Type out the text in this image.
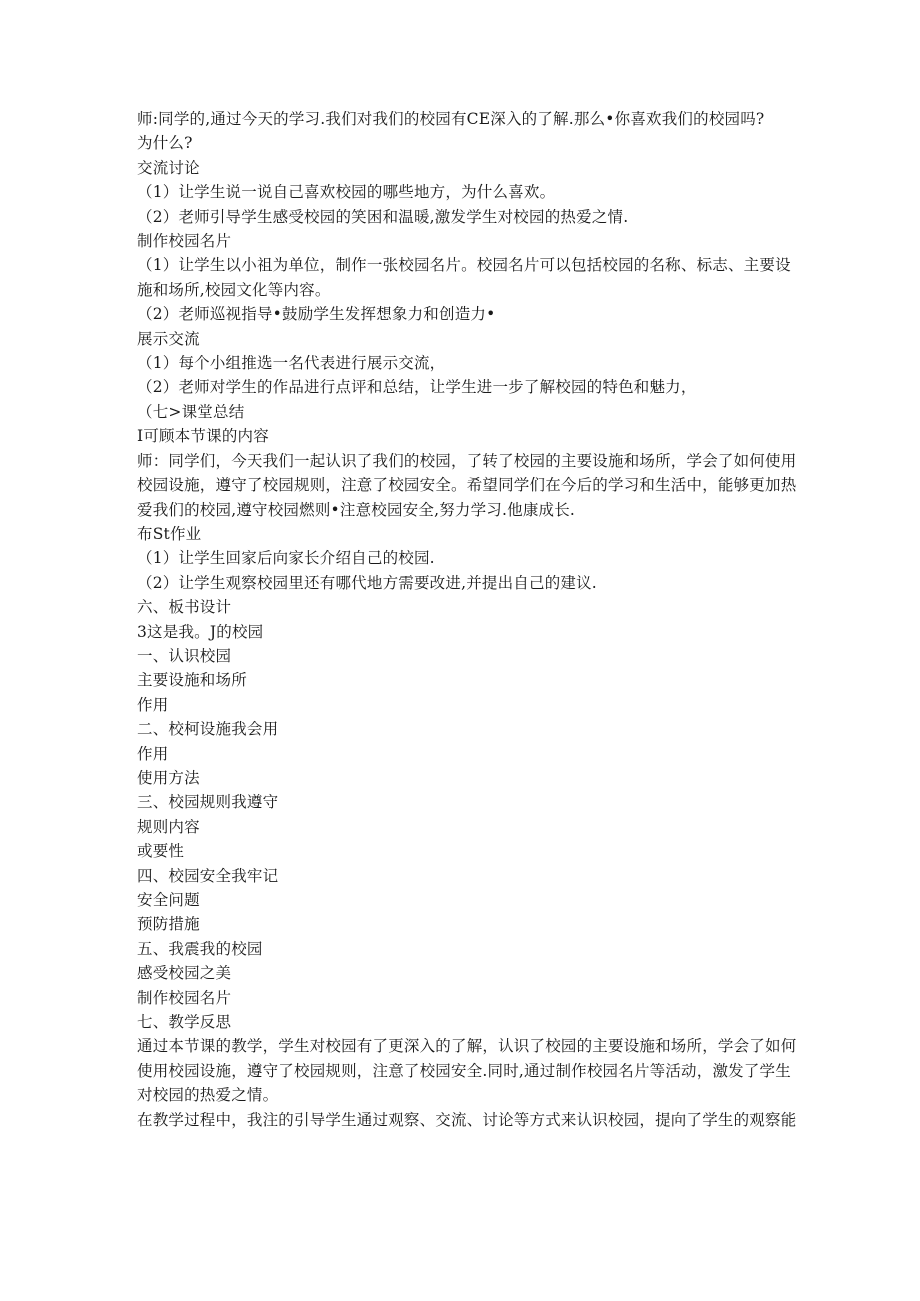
师:同学的,通过今天的学习.我们对我们的校园有CE深入的了解.那么•你喜欢我们的校园吗?
为什么?
交流讨论
（1）让学生说一说自己喜欢校园的哪些地方，为什么喜欢。
（2）老师引导学生感受校园的笑困和温暖,激发学生对校园的热爱之情.
制作校园名片
（1）让学生以小祖为单位，制作一张校园名片。校园名片可以包括校园的名称、标志、主要设
施和场所,校园文化等内容。
（2）老师巡视指导•鼓励学生发挥想象力和创造力•
展示交流
（1）每个小组推选一名代表进行展示交流，
（2）老师对学生的作品进行点评和总结，让学生进一步了解校园的特色和魅力，
（七>课堂总结
I可顾本节课的内容
师：同学们，今天我们一起认识了我们的校园，了转了校园的主要设施和场所，学会了如何使用
校园设施，遵守了校园规则，注意了校园安全。希望同学们在今后的学习和生活中，能够更加热
爱我们的校园,遵守校园燃则•注意校园安全,努力学习.他康成长.
布St作业
（1）让学生回家后向家长介绍自己的校园.
（2）让学生观察校园里还有哪代地方需要改进,并提出自己的建议.
六、板书设计
3这是我。J的校园
一、认识校园
主要设施和场所
作用
二、校柯设施我会用
作用
使用方法
三、校园规则我遵守
规则内容
或要性
四、校园安全我牢记
安全问题
预防措施
五、我震我的校园
感受校园之美
制作校园名片
七、教学反思
通过本节课的教学，学生对校园有了更深入的了解，认识了校园的主要设施和场所，学会了如何
使用校园设施，遵守了校园规则，注意了校园安全.同时,通过制作校园名片等活动，激发了学生
对校园的热爱之情。
在教学过程中，我注的引导学生通过观察、交流、讨论等方式来认识校园，提向了学生的观察能
